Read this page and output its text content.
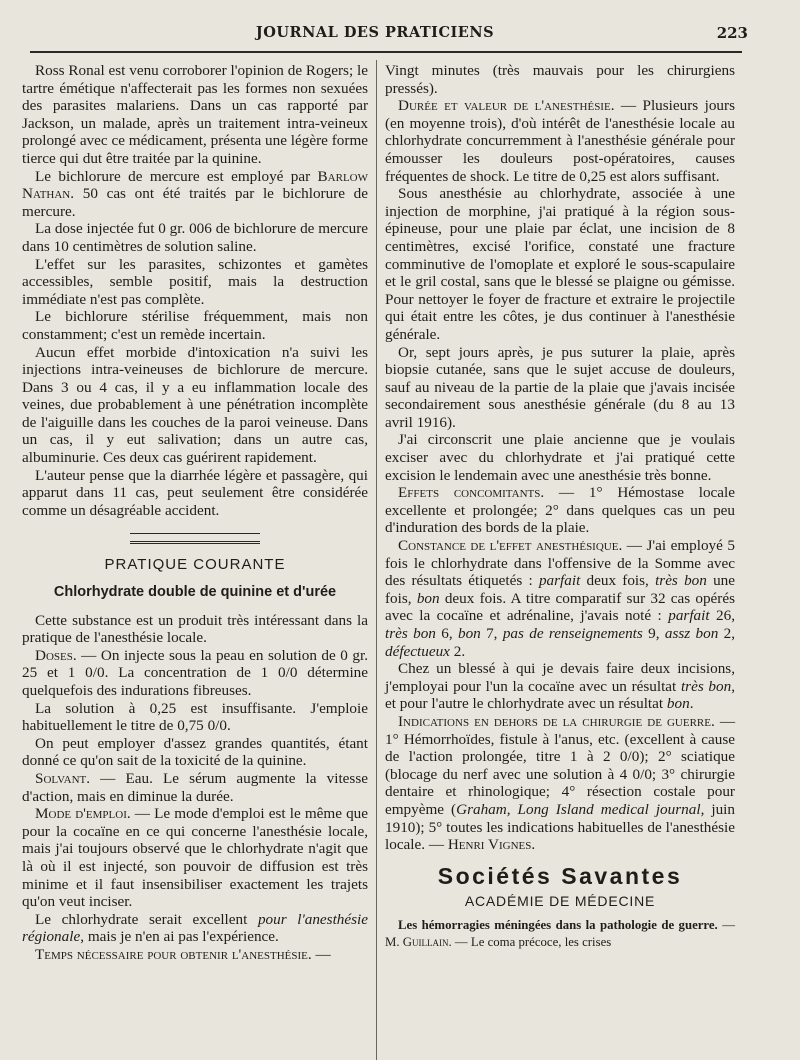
JOURNAL DES PRATICIENS	223

Ross Ronal est venu corroborer l'opinion de Rogers; le tartre émétique n'affecterait pas les formes non sexuées des parasites malariens. Dans un cas rapporté par Jackson, un malade, après un traitement intra-veineux prolongé avec ce médicament, présenta une légère forme tierce qui dut être traitée par la quinine.

Le bichlorure de mercure est employé par Barlow Nathan. 50 cas ont été traités par le bichlorure de mercure.

La dose injectée fut 0 gr. 006 de bichlorure de mercure dans 10 centimètres de solution saline.

L'effet sur les parasites, schizontes et gamètes accessibles, semble positif, mais la destruction immédiate n'est pas complète.

Le bichlorure stérilise fréquemment, mais non constamment; c'est un remède incertain.

Aucun effet morbide d'intoxication n'a suivi les injections intra-veineuses de bichlorure de mercure. Dans 3 ou 4 cas, il y a eu inflammation locale des veines, due probablement à une pénétration incomplète de l'aiguille dans les couches de la paroi veineuse. Dans un cas, il y eut salivation; dans un autre cas, albuminurie. Ces deux cas guérirent rapidement.

L'auteur pense que la diarrhée légère et passagère, qui apparut dans 11 cas, peut seulement être considérée comme un désagréable accident.

PRATIQUE COURANTE
Chlorhydrate double de quinine et d'urée

Cette substance est un produit très intéressant dans la pratique de l'anesthésie locale.

Doses. — On injecte sous la peau en solution de 0 gr. 25 et 1 0/0. La concentration de 1 0/0 détermine quelquefois des indurations fibreuses.

La solution à 0,25 est insuffisante. J'emploie habituellement le titre de 0,75 0/0.

On peut employer d'assez grandes quantités, étant donné ce qu'on sait de la toxicité de la quinine.

Solvant. — Eau. Le sérum augmente la vitesse d'action, mais en diminue la durée.

Mode d'emploi. — Le mode d'emploi est le même que pour la cocaïne en ce qui concerne l'anesthésie locale, mais j'ai toujours observé que le chlorhydrate n'agit que là où il est injecté, son pouvoir de diffusion est très minime et il faut insensibiliser exactement les trajets qu'on veut inciser.

Le chlorhydrate serait excellent pour l'anesthésie régionale, mais je n'en ai pas l'expérience.

Temps nécessaire pour obtenir l'anesthésie. —

Vingt minutes (très mauvais pour les chirurgiens pressés).

Durée et valeur de l'anesthésie. — Plusieurs jours (en moyenne trois), d'où intérêt de l'anesthésie locale au chlorhydrate concurremment à l'anesthésie générale pour émousser les douleurs post-opératoires, causes fréquentes de shock. Le titre de 0,25 est alors suffisant.

Sous anesthésie au chlorhydrate, associée à une injection de morphine, j'ai pratiqué à la région sous-épineuse, pour une plaie par éclat, une incision de 8 centimètres, excisé l'orifice, constaté une fracture comminutive de l'omoplate et exploré le sous-scapulaire et le gril costal, sans que le blessé se plaigne ou gémisse. Pour nettoyer le foyer de fracture et extraire le projectile qui était entre les côtes, je dus continuer à l'anesthésie générale.

Or, sept jours après, je pus suturer la plaie, après biopsie cutanée, sans que le sujet accuse de douleurs, sauf au niveau de la partie de la plaie que j'avais incisée secondairement sous anesthésie générale (du 8 au 13 avril 1916).

J'ai circonscrit une plaie ancienne que je voulais exciser avec du chlorhydrate et j'ai pratiqué cette excision le lendemain avec une anesthésie très bonne.

Effets concomitants. — 1° Hémostase locale excellente et prolongée; 2° dans quelques cas un peu d'induration des bords de la plaie.

Constance de l'effet anesthésique. — J'ai employé 5 fois le chlorhydrate dans l'offensive de la Somme avec des résultats étiquetés : parfait deux fois, très bon une fois, bon deux fois. A titre comparatif sur 32 cas opérés avec la cocaïne et adrénaline, j'avais noté : parfait 26, très bon 6, bon 7, pas de renseignements 9, assz bon 2, défectueux 2.

Chez un blessé à qui je devais faire deux incisions, j'employai pour l'un la cocaïne avec un résultat très bon, et pour l'autre le chlorhydrate avec un résultat bon.

Indications en dehors de la chirurgie de guerre. — 1° Hémorrhoïdes, fistule à l'anus, etc. (excellent à cause de l'action prolongée, titre 1 à 2 0/0); 2° sciatique (blocage du nerf avec une solution à 4 0/0; 3° chirurgie dentaire et rhinologique; 4° résection costale pour empyème (Graham, Long Island medical journal, juin 1910); 5° toutes les indications habituelles de l'anesthésie locale. — Henri Vignes.

Sociétés Savantes
ACADÉMIE DE MÉDECINE

Les hémorragies méningées dans la pathologie de guerre. — M. Guillain. — Le coma précoce, les crises
